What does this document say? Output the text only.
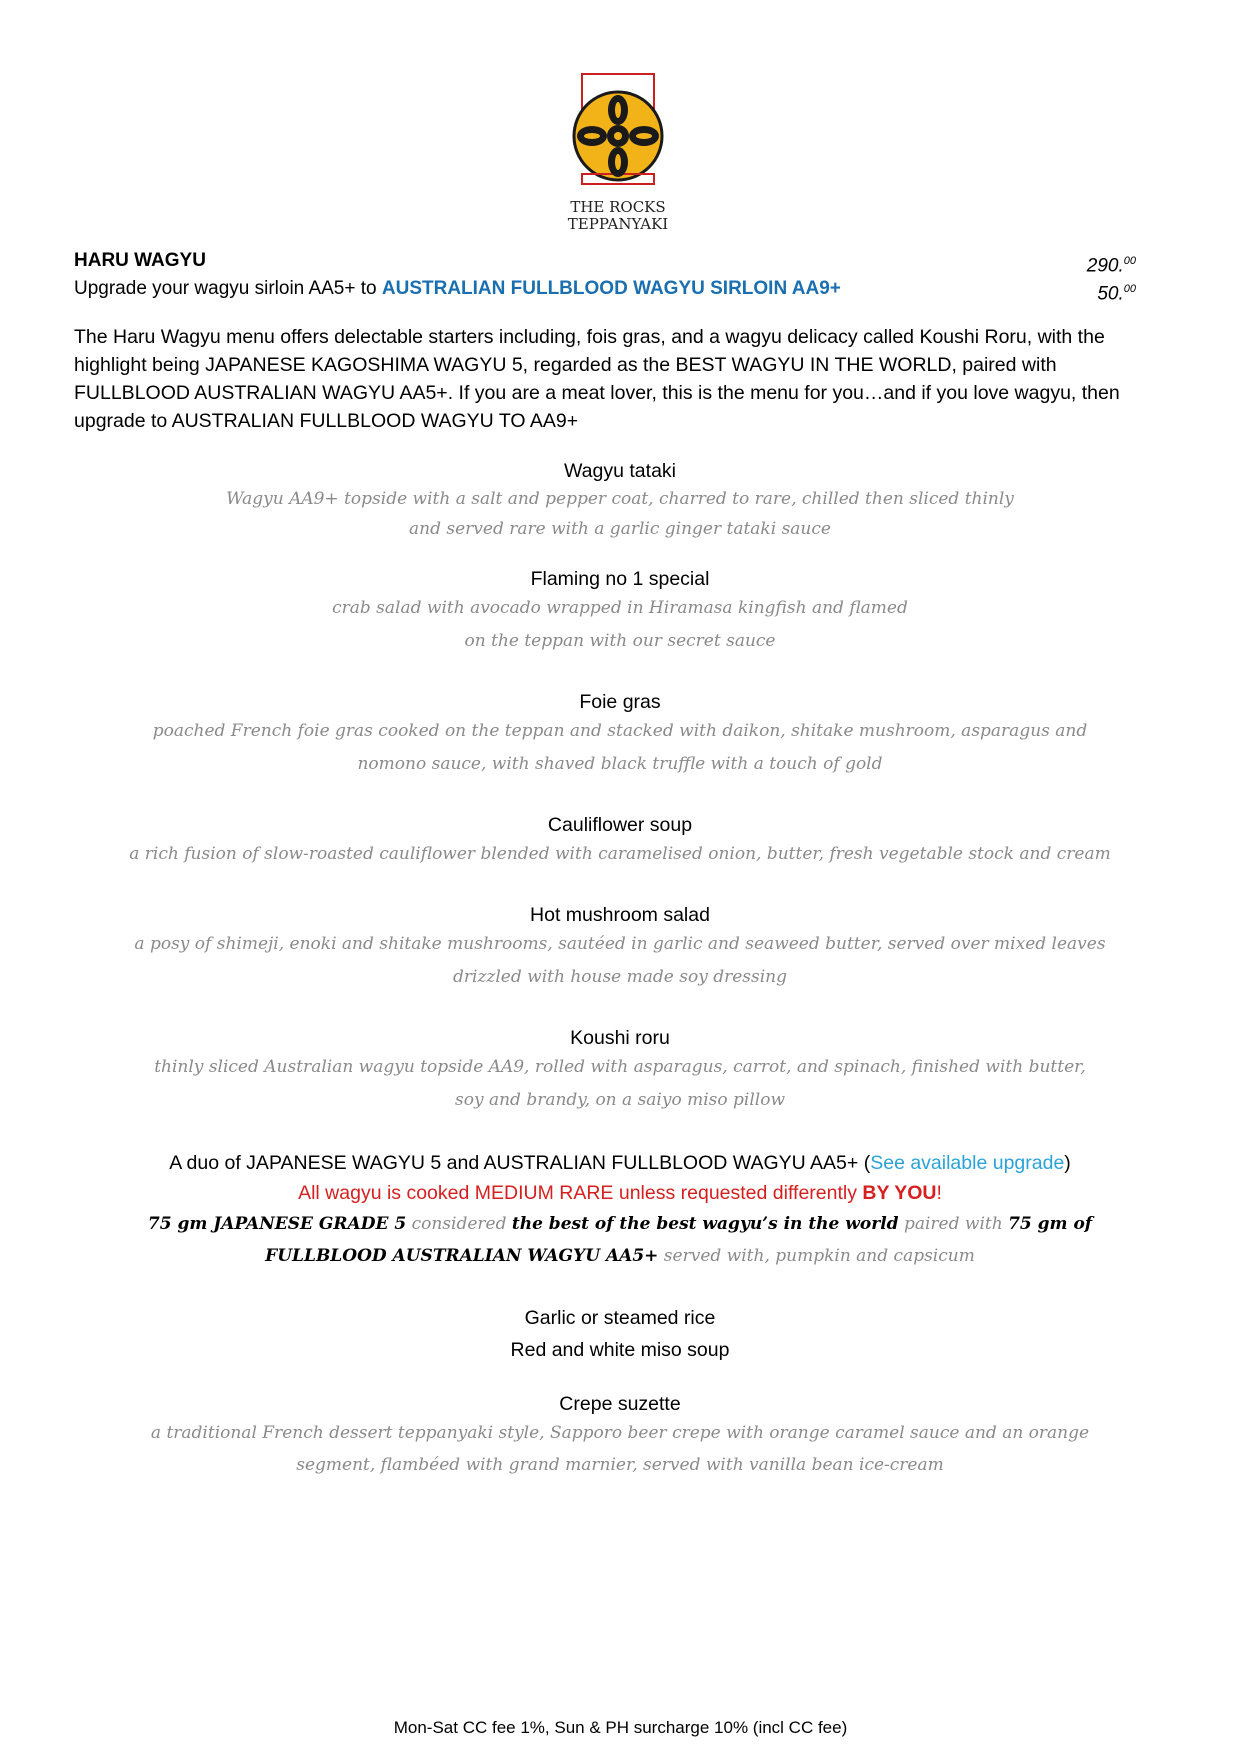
THE ROCKS
TEPPANYAKI
HARU WAGYU	290.00
Upgrade your wagyu sirloin AA5+ to AUSTRALIAN FULLBLOOD WAGYU SIRLOIN AA9+	50.00

The Haru Wagyu menu offers delectable starters including, fois gras, and a wagyu delicacy called Koushi Roru, with the highlight being JAPANESE KAGOSHIMA WAGYU 5, regarded as the BEST WAGYU IN THE WORLD, paired with FULLBLOOD AUSTRALIAN WAGYU AA5+. If you are a meat lover, this is the menu for you…and if you love wagyu, then upgrade to AUSTRALIAN FULLBLOOD WAGYU TO AA9+

Wagyu tataki
Wagyu AA9+ topside with a salt and pepper coat, charred to rare, chilled then sliced thinly
and served rare with a garlic ginger tataki sauce
Flaming no 1 special
crab salad with avocado wrapped in Hiramasa kingfish and flamed
on the teppan with our secret sauce
Foie gras
poached French foie gras cooked on the teppan and stacked with daikon, shitake mushroom, asparagus and
nomono sauce, with shaved black truffle with a touch of gold
Cauliflower soup
a rich fusion of slow-roasted cauliflower blended with caramelised onion, butter, fresh vegetable stock and cream
Hot mushroom salad
a posy of shimeji, enoki and shitake mushrooms, sautéed in garlic and seaweed butter, served over mixed leaves
drizzled with house made soy dressing
Koushi roru
thinly sliced Australian wagyu topside AA9, rolled with asparagus, carrot, and spinach, finished with butter,
soy and brandy, on a saiyo miso pillow
A duo of JAPANESE WAGYU 5 and AUSTRALIAN FULLBLOOD WAGYU AA5+ (See available upgrade)
All wagyu is cooked MEDIUM RARE unless requested differently BY YOU!
75 gm JAPANESE GRADE 5 considered the best of the best wagyu’s in the world paired with 75 gm of
FULLBLOOD AUSTRALIAN WAGYU AA5+ served with, pumpkin and capsicum
Garlic or steamed rice
Red and white miso soup
Crepe suzette
a traditional French dessert teppanyaki style, Sapporo beer crepe with orange caramel sauce and an orange
segment, flambéed with grand marnier, served with vanilla bean ice-cream
Mon-Sat CC fee 1%, Sun & PH surcharge 10% (incl CC fee)
